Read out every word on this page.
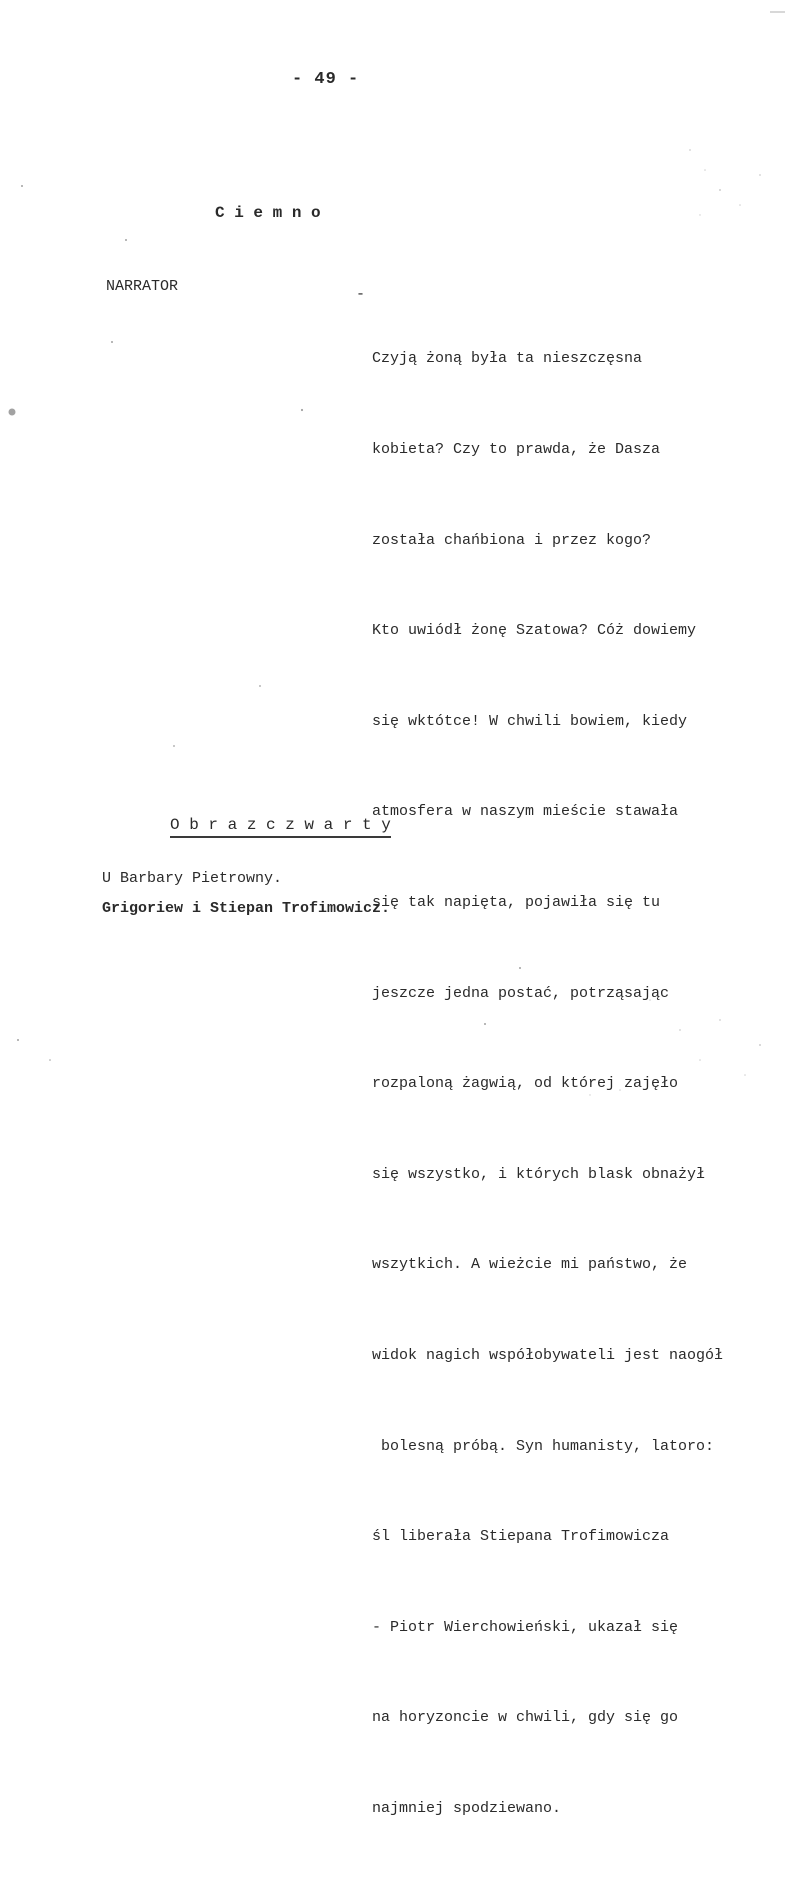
- 49 -
C i e m n o
NARRATOR	-

Czyją żoną była ta nieszczęsna

kobieta? Czy to prawda, że Dasza

została chańbiona i przez kogo?

Kto uwiódł żonę Szatowa? Cóż dowiemy

się wktótce! W chwili bowiem, kiedy

atmosfera w naszym mieście stawała

się tak napięta, pojawiła się tu

jeszcze jedna postać, potrząsając

rozpaloną żagwią, od której zajęło

się wszystko, i których blask obnażył

wszytkich. A wieżcie mi państwo, że

widok nagich współobywateli jest naogół

bolesną próbą. Syn humanisty, latoro:

śl liberała Stiepana Trofimowicza

- Piotr Wierchowieński, ukazał się

na horyzoncie w chwili, gdy się go

najmniej spodziewano.

O b r a z c z w a r t y
U Barbary Pietrowny.
Grigoriew i Stiepan Trofimowicz.
